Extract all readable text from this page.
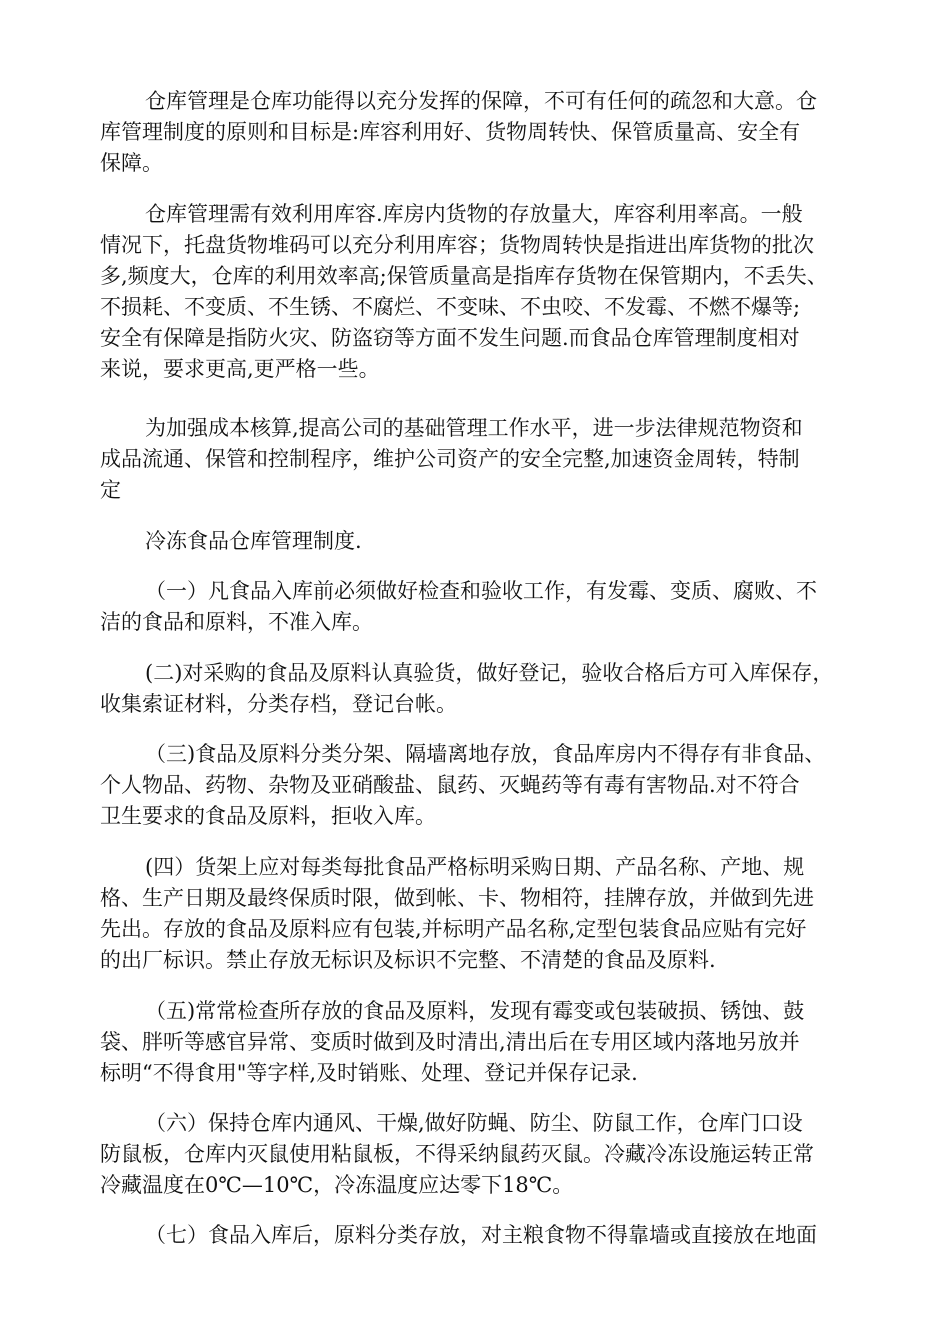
仓库管理是仓库功能得以充分发挥的保障，不可有任何的疏忽和大意。仓
库管理制度的原则和目标是:库容利用好、货物周转快、保管质量高、安全有
保障。
仓库管理需有效利用库容.库房内货物的存放量大，库容利用率高。一般
情况下，托盘货物堆码可以充分利用库容；货物周转快是指进出库货物的批次
多,频度大，仓库的利用效率高;保管质量高是指库存货物在保管期内，不丢失、
不损耗、不变质、不生锈、不腐烂、不变味、不虫咬、不发霉、不燃不爆等;
安全有保障是指防火灾、防盗窃等方面不发生问题.而食品仓库管理制度相对
来说，要求更高,更严格一些。
为加强成本核算,提高公司的基础管理工作水平，进一步法律规范物资和
成品流通、保管和控制程序，维护公司资产的安全完整,加速资金周转，特制
定
冷冻食品仓库管理制度.
（一）凡食品入库前必须做好检查和验收工作，有发霉、变质、腐败、不
洁的食品和原料，不准入库。
(二)对采购的食品及原料认真验货，做好登记，验收合格后方可入库保存，
收集索证材料，分类存档，登记台帐。
（三)食品及原料分类分架、隔墙离地存放，食品库房内不得存有非食品、
个人物品、药物、杂物及亚硝酸盐、鼠药、灭蝇药等有毒有害物品.对不符合
卫生要求的食品及原料，拒收入库。
(四）货架上应对每类每批食品严格标明采购日期、产品名称、产地、规
格、生产日期及最终保质时限，做到帐、卡、物相符，挂牌存放，并做到先进
先出。存放的食品及原料应有包装,并标明产品名称,定型包装食品应贴有完好
的出厂标识。禁止存放无标识及标识不完整、不清楚的食品及原料.
（五)常常检查所存放的食品及原料，发现有霉变或包装破损、锈蚀、鼓
袋、胖听等感官异常、变质时做到及时清出,清出后在专用区域内落地另放并
标明“不得食用"等字样,及时销账、处理、登记并保存记录.
（六）保持仓库内通风、干燥,做好防蝇、防尘、防鼠工作，仓库门口设
防鼠板，仓库内灭鼠使用粘鼠板，不得采纳鼠药灭鼠。冷藏冷冻设施运转正常
冷藏温度在0℃—10℃，冷冻温度应达零下18℃。
（七）食品入库后，原料分类存放，对主粮食物不得靠墙或直接放在地面
